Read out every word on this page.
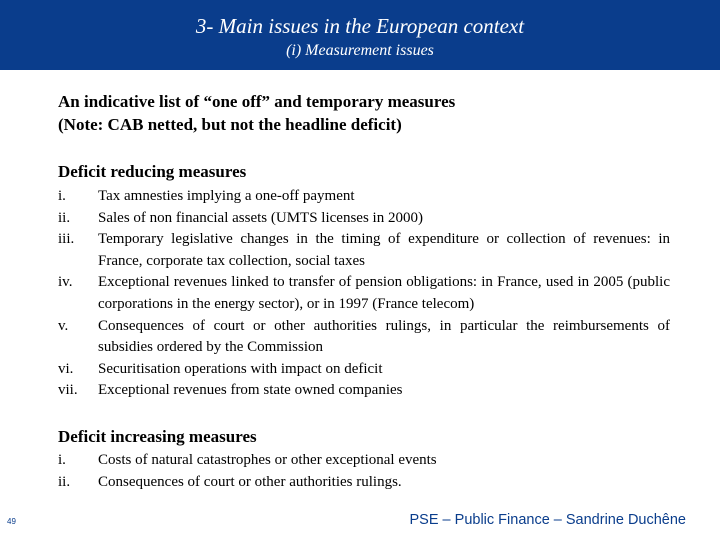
3- Main issues in the European context
(i) Measurement issues
An indicative list of “one off” and temporary measures
(Note: CAB netted, but not the headline deficit)
Deficit reducing measures
i.	Tax amnesties implying a one-off payment
ii.	Sales of non financial assets (UMTS licenses in 2000)
iii.	Temporary legislative changes in the timing of expenditure or collection of revenues: in France, corporate tax collection, social taxes
iv.	Exceptional revenues linked to transfer of pension obligations: in France, used in 2005 (public corporations in the energy sector), or in 1997 (France telecom)
v.	Consequences of court or other authorities rulings, in particular the reimbursements of subsidies ordered by the Commission
vi.	Securitisation operations with impact on deficit
vii.	Exceptional revenues from state owned companies
Deficit increasing measures
i.	Costs of natural catastrophes or other exceptional events
ii.	Consequences of court or other authorities rulings.
49	PSE – Public Finance – Sandrine Duchêne
